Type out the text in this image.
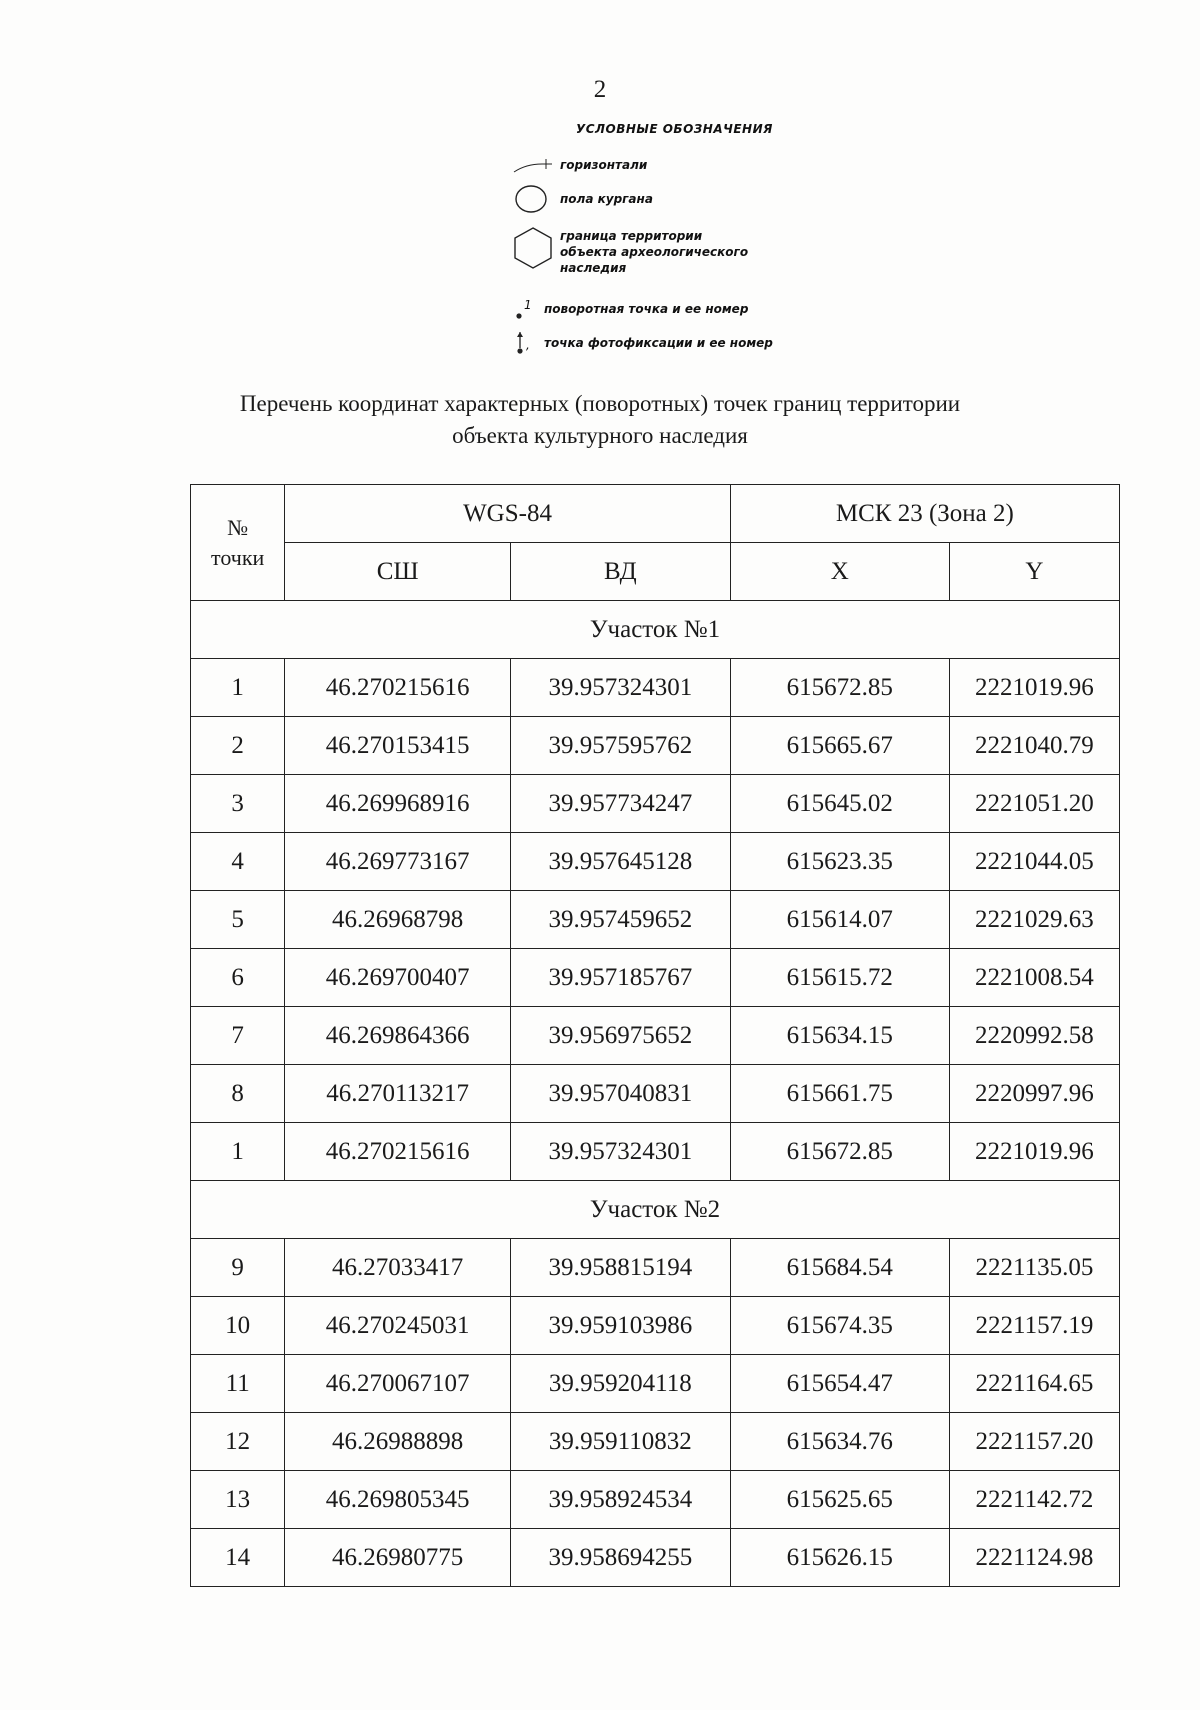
2
УСЛОВНЫЕ ОБОЗНАЧЕНИЯ
горизонтали
пола кургана
граница территории объекта археологического наследия
1 поворотная точка и ее номер
, точка фотофиксации и ее номер
Перечень координат характерных (поворотных) точек границ территории
объекта культурного наследия
№
точки	WGS-84		МСК 23 (Зона 2)	
	СШ	ВД	X	Y
Участок №1				
1	46.270215616	39.957324301	615672.85	2221019.96
2	46.270153415	39.957595762	615665.67	2221040.79
3	46.269968916	39.957734247	615645.02	2221051.20
4	46.269773167	39.957645128	615623.35	2221044.05
5	46.26968798	39.957459652	615614.07	2221029.63
6	46.269700407	39.957185767	615615.72	2221008.54
7	46.269864366	39.956975652	615634.15	2220992.58
8	46.270113217	39.957040831	615661.75	2220997.96
1	46.270215616	39.957324301	615672.85	2221019.96
Участок №2				
9	46.27033417	39.958815194	615684.54	2221135.05
10	46.270245031	39.959103986	615674.35	2221157.19
11	46.270067107	39.959204118	615654.47	2221164.65
12	46.26988898	39.959110832	615634.76	2221157.20
13	46.269805345	39.958924534	615625.65	2221142.72
14	46.26980775	39.958694255	615626.15	2221124.98
